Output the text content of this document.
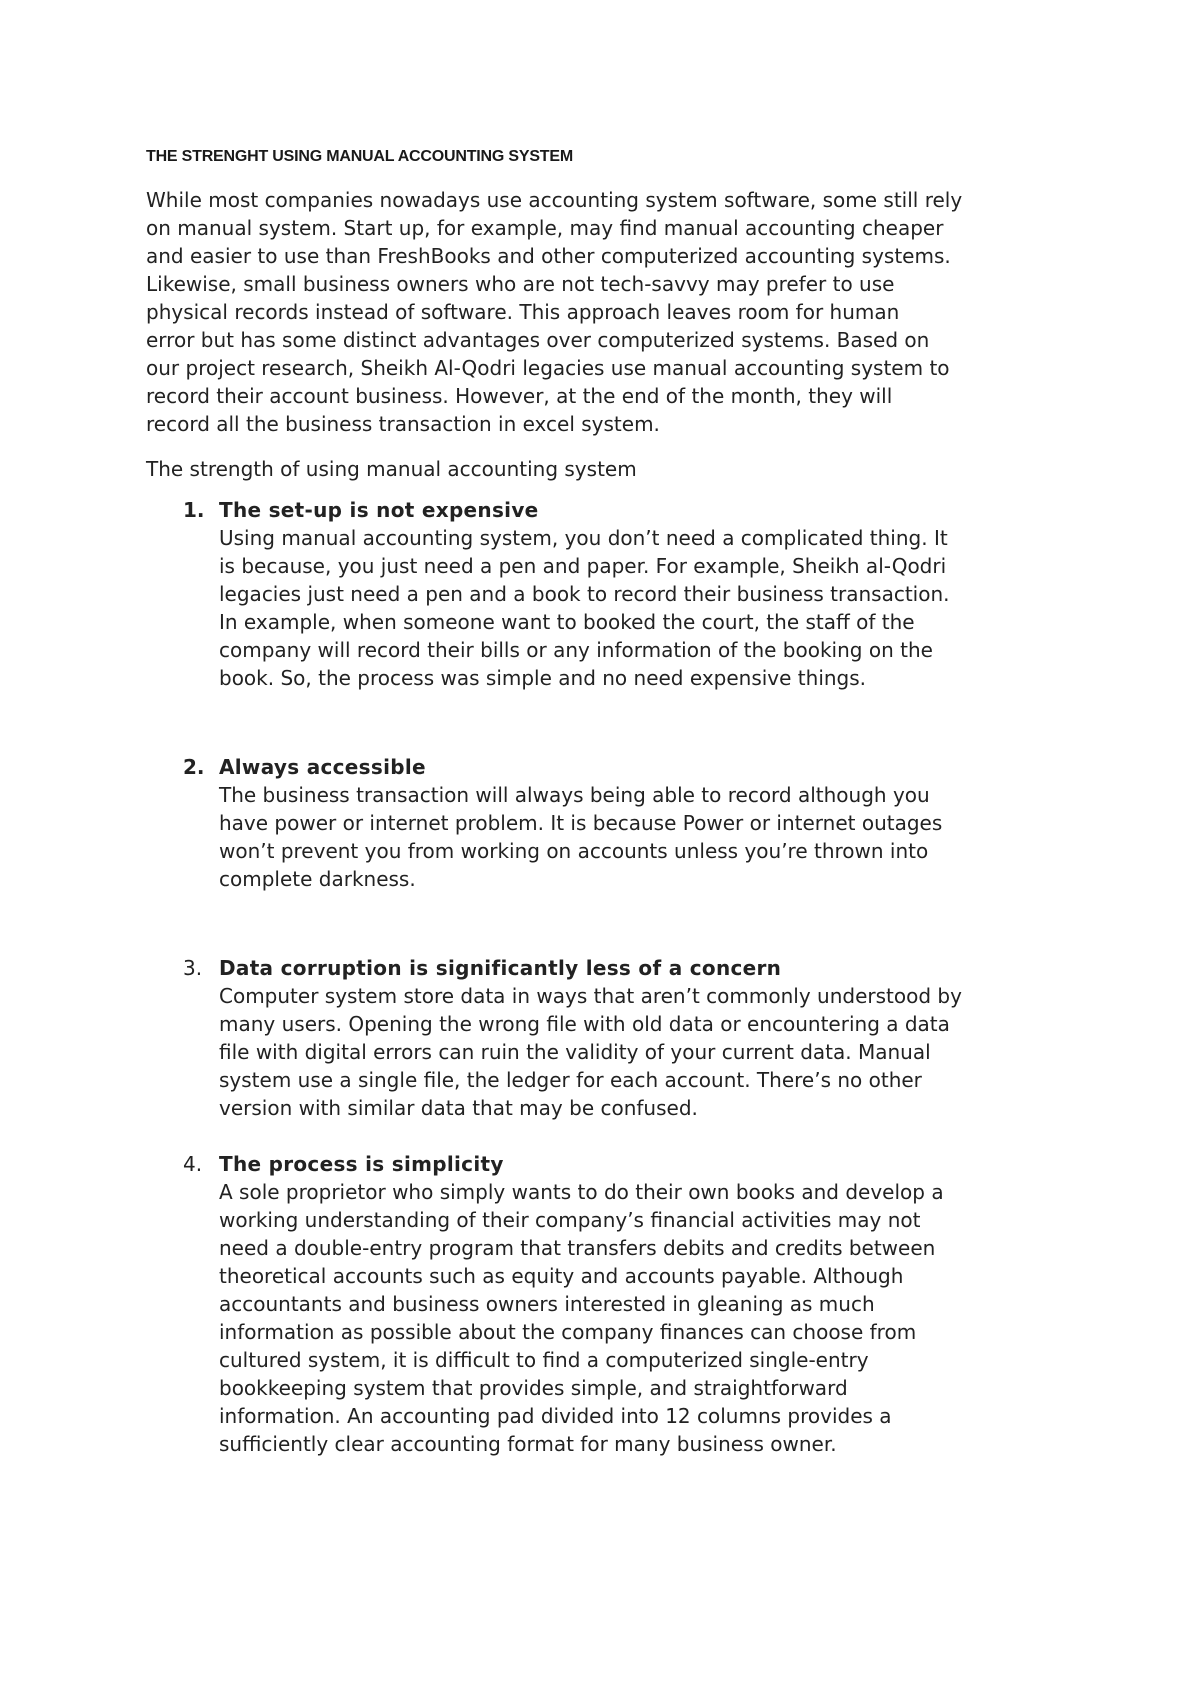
THE STRENGHT USING MANUAL ACCOUNTING SYSTEM

While most companies nowadays use accounting system software, some still rely
on manual system. Start up, for example, may find manual accounting cheaper
and easier to use than FreshBooks and other computerized accounting systems.
Likewise, small business owners who are not tech-savvy may prefer to use
physical records instead of software. This approach leaves room for human
error but has some distinct advantages over computerized systems. Based on
our project research, Sheikh Al-Qodri legacies use manual accounting system to
record their account business. However, at the end of the month, they will
record all the business transaction in excel system.

The strength of using manual accounting system

1. The set-up is not expensive
Using manual accounting system, you don’t need a complicated thing. It
is because, you just need a pen and paper. For example, Sheikh al-Qodri
legacies just need a pen and a book to record their business transaction.
In example, when someone want to booked the court, the staff of the
company will record their bills or any information of the booking on the
book. So, the process was simple and no need expensive things.
2. Always accessible
The business transaction will always being able to record although you
have power or internet problem. It is because Power or internet outages
won’t prevent you from working on accounts unless you’re thrown into
complete darkness.
3. Data corruption is significantly less of a concern
Computer system store data in ways that aren’t commonly understood by
many users. Opening the wrong file with old data or encountering a data
file with digital errors can ruin the validity of your current data. Manual
system use a single file, the ledger for each account. There’s no other
version with similar data that may be confused.
4. The process is simplicity
A sole proprietor who simply wants to do their own books and develop a
working understanding of their company’s financial activities may not
need a double-entry program that transfers debits and credits between
theoretical accounts such as equity and accounts payable. Although
accountants and business owners interested in gleaning as much
information as possible about the company finances can choose from
cultured system, it is difficult to find a computerized single-entry
bookkeeping system that provides simple, and straightforward
information. An accounting pad divided into 12 columns provides a
sufficiently clear accounting format for many business owner.
